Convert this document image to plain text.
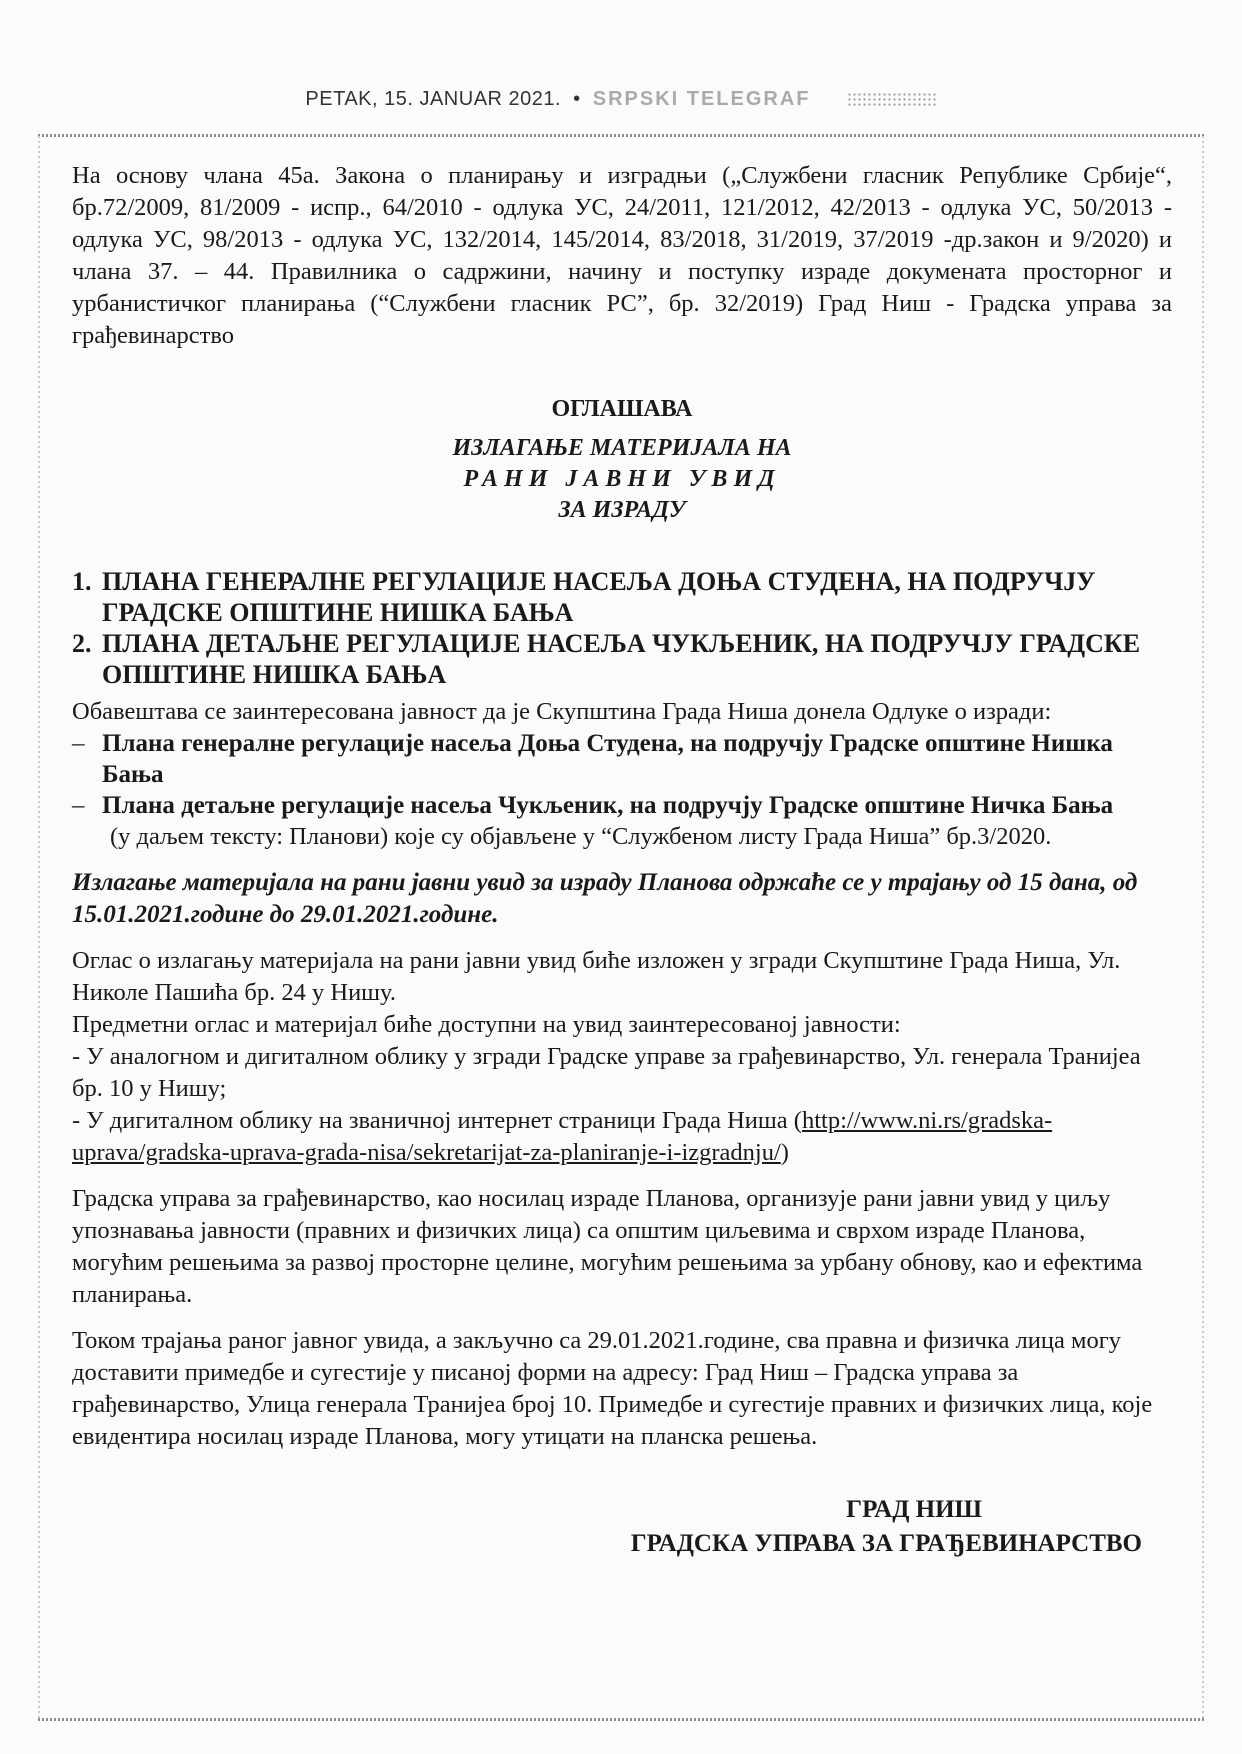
PETAK, 15. JANUAR 2021. • SRPSKI TELEGRAF

На основу члана 45а. Закона о планирању и изградњи („Службени гласник Републике Србије“, бр.72/2009, 81/2009 - испр., 64/2010 - одлука УС, 24/2011, 121/2012, 42/2013 - одлука УС, 50/2013 - одлука УС, 98/2013 - одлука УС, 132/2014, 145/2014, 83/2018, 31/2019, 37/2019 -др.закон и 9/2020) и члана 37. – 44. Правилника о садржини, начину и поступку израде докумената просторног и урбанистичког планирања (“Службени гласник РС”, бр. 32/2019) Град Ниш - Градска управа за грађевинарство

ОГЛАШАВА
ИЗЛАГАЊЕ МАТЕРИЈАЛА НА
РАНИ ЈАВНИ УВИД
ЗА ИЗРАДУ
1. ПЛАНА ГЕНЕРАЛНЕ РЕГУЛАЦИЈЕ НАСЕЉА ДОЊА СТУДЕНА, НА ПОДРУЧЈУ ГРАДСКЕ ОПШТИНЕ НИШКА БАЊА
2. ПЛАНА ДЕТАЉНЕ РЕГУЛАЦИЈЕ НАСЕЉА ЧУКЉЕНИК, НА ПОДРУЧЈУ ГРАДСКЕ ОПШТИНЕ НИШКА БАЊА

Обавештава се заинтересована јавност да је Скупштина Града Ниша донела Одлуке о изради:

– Плана генералне регулације насеља Доња Студена, на подручју Градске општине Нишка Бања
– Плана детаљне регулације насеља Чукљеник, на подручју Градске општине Ничка Бања

(у даљем тексту: Планови) које су објављене у “Службеном листу Града Ниша” бр.3/2020.

Излагање материјала на рани јавни увид за израду Планова одржаће се у трајању од 15 дана, од 15.01.2021.године до 29.01.2021.године.

Оглас о излагању материјала на рани јавни увид биће изложен у згради Скупштине Града Ниша, Ул. Николе Пашића бр. 24 у Нишу.

Предметни оглас и материјал биће доступни на увид заинтересованој јавности:

- У аналогном и дигиталном облику у згради Градске управе за грађевинарство, Ул. генерала Транијеа бр. 10 у Нишу;

- У дигиталном облику на званичној интернет страници Града Ниша (http://www.ni.rs/gradska-uprava/gradska-uprava-grada-nisa/sekretarijat-za-planiranje-i-izgradnju/)

Градска управа за грађевинарство, као носилац израде Планова, организује рани јавни увид у циљу упознавања јавности (правних и физичких лица) са општим циљевима и сврхом израде Планова, могућим решењима за развој просторне целине, могућим решењима за урбану обнову, као и ефектима планирања.

Током трајања раног јавног увида, а закључно са 29.01.2021.године, сва правна и физичка лица могу доставити примедбе и сугестије у писаној форми на адресу: Град Ниш – Градска управа за грађевинарство, Улица генерала Транијеа број 10. Примедбе и сугестије правних и физичких лица, које евидентира носилац израде Планова, могу утицати на планска решења.

ГРАД НИШ
ГРАДСКА УПРАВА ЗА ГРАЂЕВИНАРСТВО
